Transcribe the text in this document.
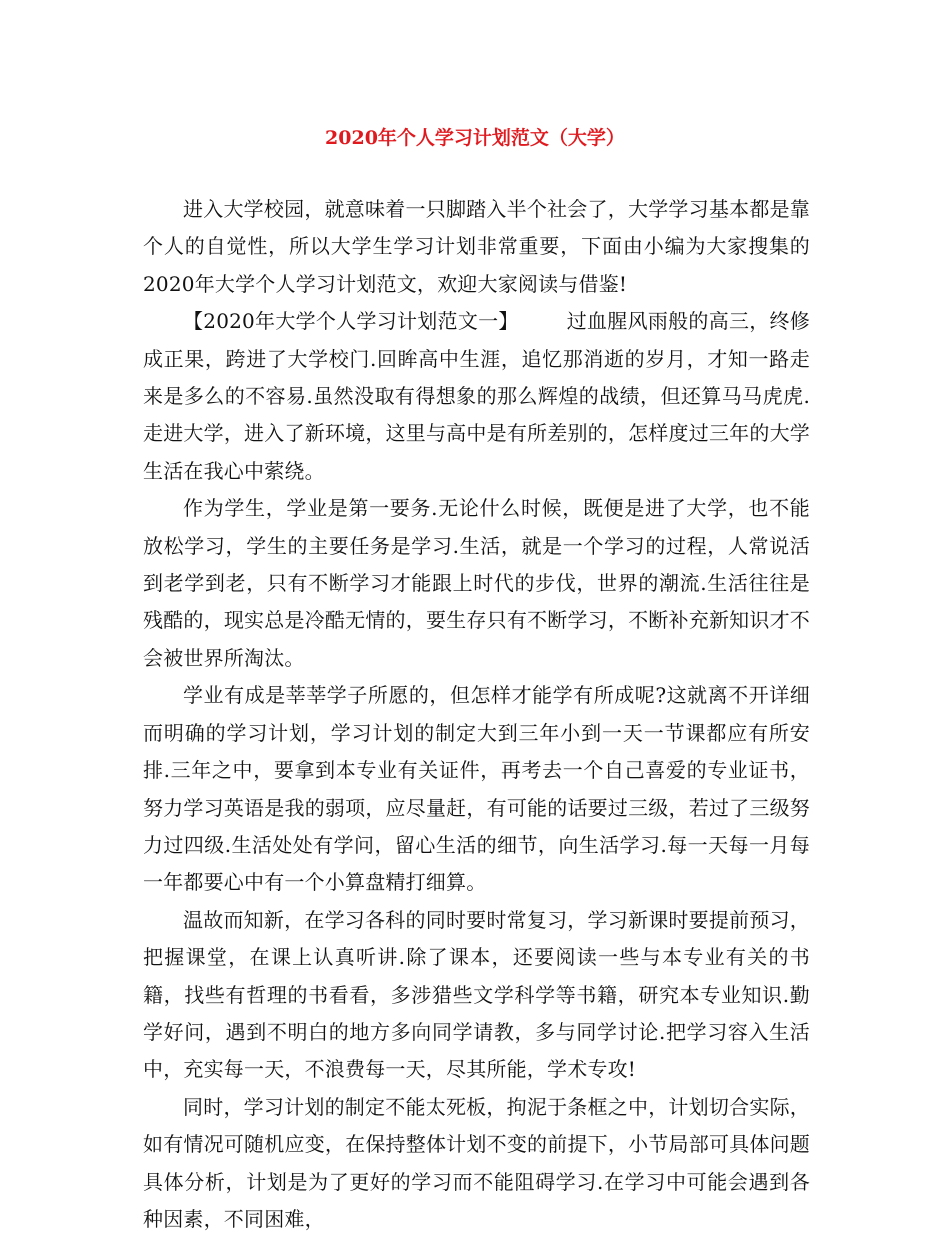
2020年个人学习计划范文（大学）

进入大学校园，就意味着一只脚踏入半个社会了，大学学习基本都是靠个人的自觉性，所以大学生学习计划非常重要，下面由小编为大家搜集的2020年大学个人学习计划范文，欢迎大家阅读与借鉴!

【2020年大学个人学习计划范文一】 过血腥风雨般的高三，终修成正果，跨进了大学校门.回眸高中生涯，追忆那消逝的岁月，才知一路走来是多么的不容易.虽然没取有得想象的那么辉煌的战绩，但还算马马虎虎.走进大学，进入了新环境，这里与高中是有所差别的，怎样度过三年的大学生活在我心中萦绕。

作为学生，学业是第一要务.无论什么时候，既便是进了大学，也不能放松学习，学生的主要任务是学习.生活，就是一个学习的过程，人常说活到老学到老，只有不断学习才能跟上时代的步伐，世界的潮流.生活往往是残酷的，现实总是冷酷无情的，要生存只有不断学习，不断补充新知识才不会被世界所淘汰。

学业有成是莘莘学子所愿的，但怎样才能学有所成呢?这就离不开详细而明确的学习计划，学习计划的制定大到三年小到一天一节课都应有所安排.三年之中，要拿到本专业有关证件，再考去一个自己喜爱的专业证书，努力学习英语是我的弱项，应尽量赶，有可能的话要过三级，若过了三级努力过四级.生活处处有学问，留心生活的细节，向生活学习.每一天每一月每一年都要心中有一个小算盘精打细算。

温故而知新，在学习各科的同时要时常复习，学习新课时要提前预习，把握课堂，在课上认真听讲.除了课本，还要阅读一些与本专业有关的书籍，找些有哲理的书看看，多涉猎些文学科学等书籍，研究本专业知识.勤学好问，遇到不明白的地方多向同学请教，多与同学讨论.把学习容入生活中，充实每一天，不浪费每一天，尽其所能，学术专攻!

同时，学习计划的制定不能太死板，拘泥于条框之中，计划切合实际，如有情况可随机应变，在保持整体计划不变的前提下，小节局部可具体问题具体分析，计划是为了更好的学习而不能阻碍学习.在学习中可能会遇到各种因素，不同困难，
